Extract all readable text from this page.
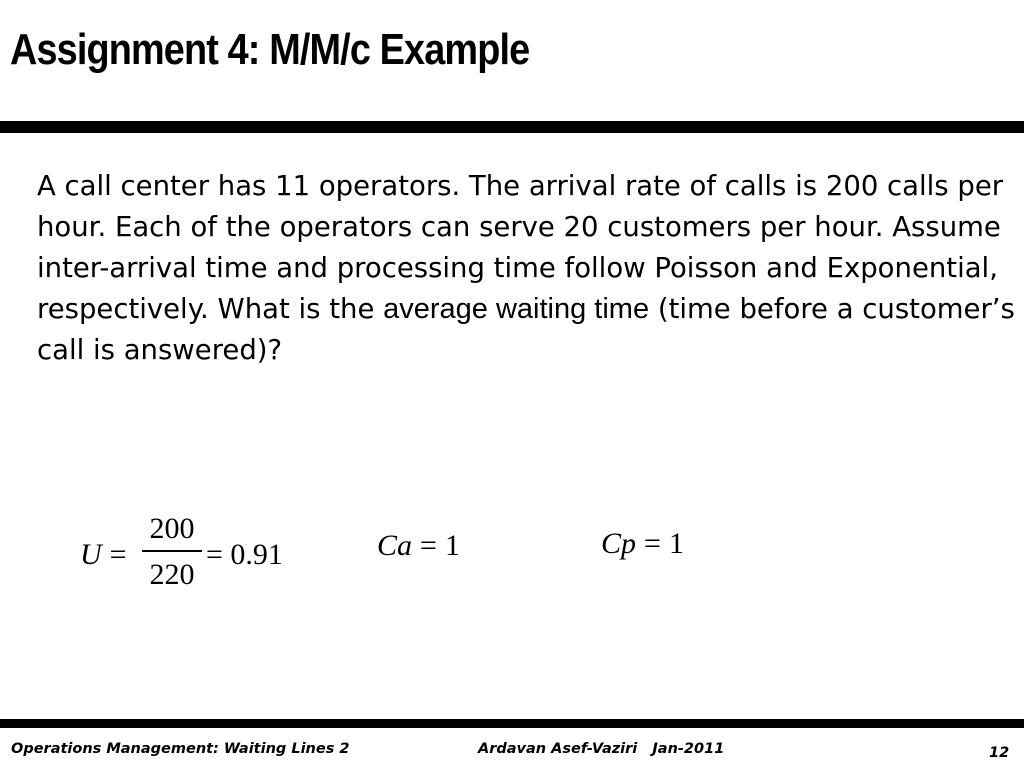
Assignment 4: M/M/c Example
A call center has 11 operators. The arrival rate of calls is 200 calls per hour. Each of the operators can serve 20 customers per hour. Assume inter-arrival time and processing time follow Poisson and Exponential, respectively. What is the average waiting time (time before a customer’s call is answered)?
U =
200
220
= 0.91	Ca = 1	Cp = 1
Operations Management: Waiting Lines 2	Ardavan Asef-Vaziri   Jan-2011	12
